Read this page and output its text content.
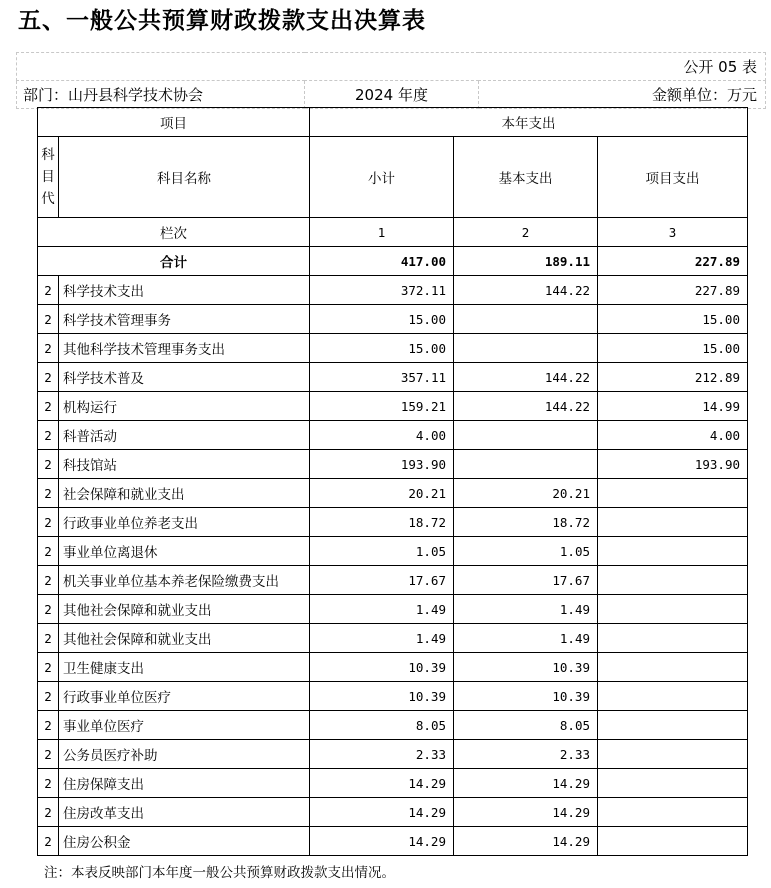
五、一般公共预算财政拨款支出决算表
公开 05 表
部门：山丹县科学技术协会	2024 年度	金额单位：万元
项目		本年支出		
科
目
代	科目名称	小计	基本支出	项目支出
栏次		1	2	3
合计		417.00	189.11	227.89
2	科学技术支出	372.11	144.22	227.89
2	科学技术管理事务	15.00		15.00
2	其他科学技术管理事务支出	15.00		15.00
2	科学技术普及	357.11	144.22	212.89
2	机构运行	159.21	144.22	14.99
2	科普活动	4.00		4.00
2	科技馆站	193.90		193.90
2	社会保障和就业支出	20.21	20.21	
2	行政事业单位养老支出	18.72	18.72	
2	事业单位离退休	1.05	1.05	
2	机关事业单位基本养老保险缴费支出	17.67	17.67	
2	其他社会保障和就业支出	1.49	1.49	
2	其他社会保障和就业支出	1.49	1.49	
2	卫生健康支出	10.39	10.39	
2	行政事业单位医疗	10.39	10.39	
2	事业单位医疗	8.05	8.05	
2	公务员医疗补助	2.33	2.33	
2	住房保障支出	14.29	14.29	
2	住房改革支出	14.29	14.29	
2	住房公积金	14.29	14.29	
注：本表反映部门本年度一般公共预算财政拨款支出情况。
